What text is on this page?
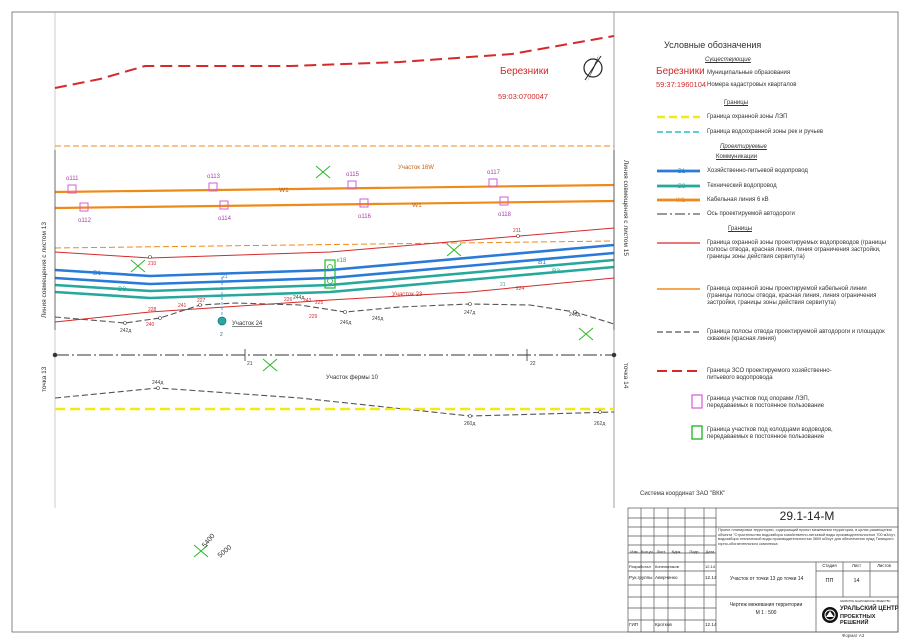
В1
В3
W1
Березники
59:03:0700047
Участок 16W
Участок 23
Участок 24
Участок фермы 10
Система координат ЗАО "ВКК"
5400
5000
Линия совмещения с листом 13
Линия совмещения с листом 15
точка 13	точка 14
о111	о113	о115	о117
о112	о114	о116	о118
к18
В1
В1
В3
В3
W1
W1
210
211
224
228
240
242д
241
227	226 244д
243 225
229
246д
245д
247д	248д
21
21
22
244д
260д	262д
2
21
Условные обозначения
Существующие
Березники Муниципальные образования
59:37:1960104 Номера кадастровых кварталов
Границы
Граница охранной зоны ЛЭП
Граница водоохранной зоны рек и ручьев
Проектируемые
Коммуникации
Хозяйственно-питьевой водопровод
Технический водопровод
Кабельная линия 6 кВ
Ось проектируемой автодороги
Границы
Граница охранной зоны проектируемых водопроводов (границы полосы отвода, красная линия, линия ограничения застройки, границы зоны действия сервитута)
Граница охранной зоны проектируемой кабельной линии (границы полосы отвода, красная линия, линия ограничения застройки, границы зоны действия сервитута)
Граница полосы отвода проектируемой автодороги и площадок скважин (красная линия)
Граница ЗСО проектируемого хозяйственно-питьевого водопровода
Граница участков под опорами ЛЭП, передаваемых в постоянное пользование
Граница участков под колодцами водоводов, передаваемых в постоянное пользование
29.1-14-М
Проект планировки территории, содержащий проект межевания территории, в целях размещения объекта "Строительство водозабора хозяйственно-питьевой воды производительностью 700 м3/сут, водозабора технической воды производительностью 3800 м3/сут для обеспечения нужд Талицкого горно-обогатительного комплекса
Изм. Кол.уч. Лист	Nдок.	Подп.	Дата
Разработал Копельников	12.14
Рук.группы Аверченко	12.14
ГИП	Кротков	12.14
Участок от точки 13 до точки 14
Стадия	Лист	Листов
ПП	14
Чертеж межевания территории
М 1 : 500
ЗАКРЫТОЕ АКЦИОНЕРНОЕ ОБЩЕСТВО
УРАЛЬСКИЙ ЦЕНТР
ПРОЕКТНЫХ РЕШЕНИЙ
Формат А3
